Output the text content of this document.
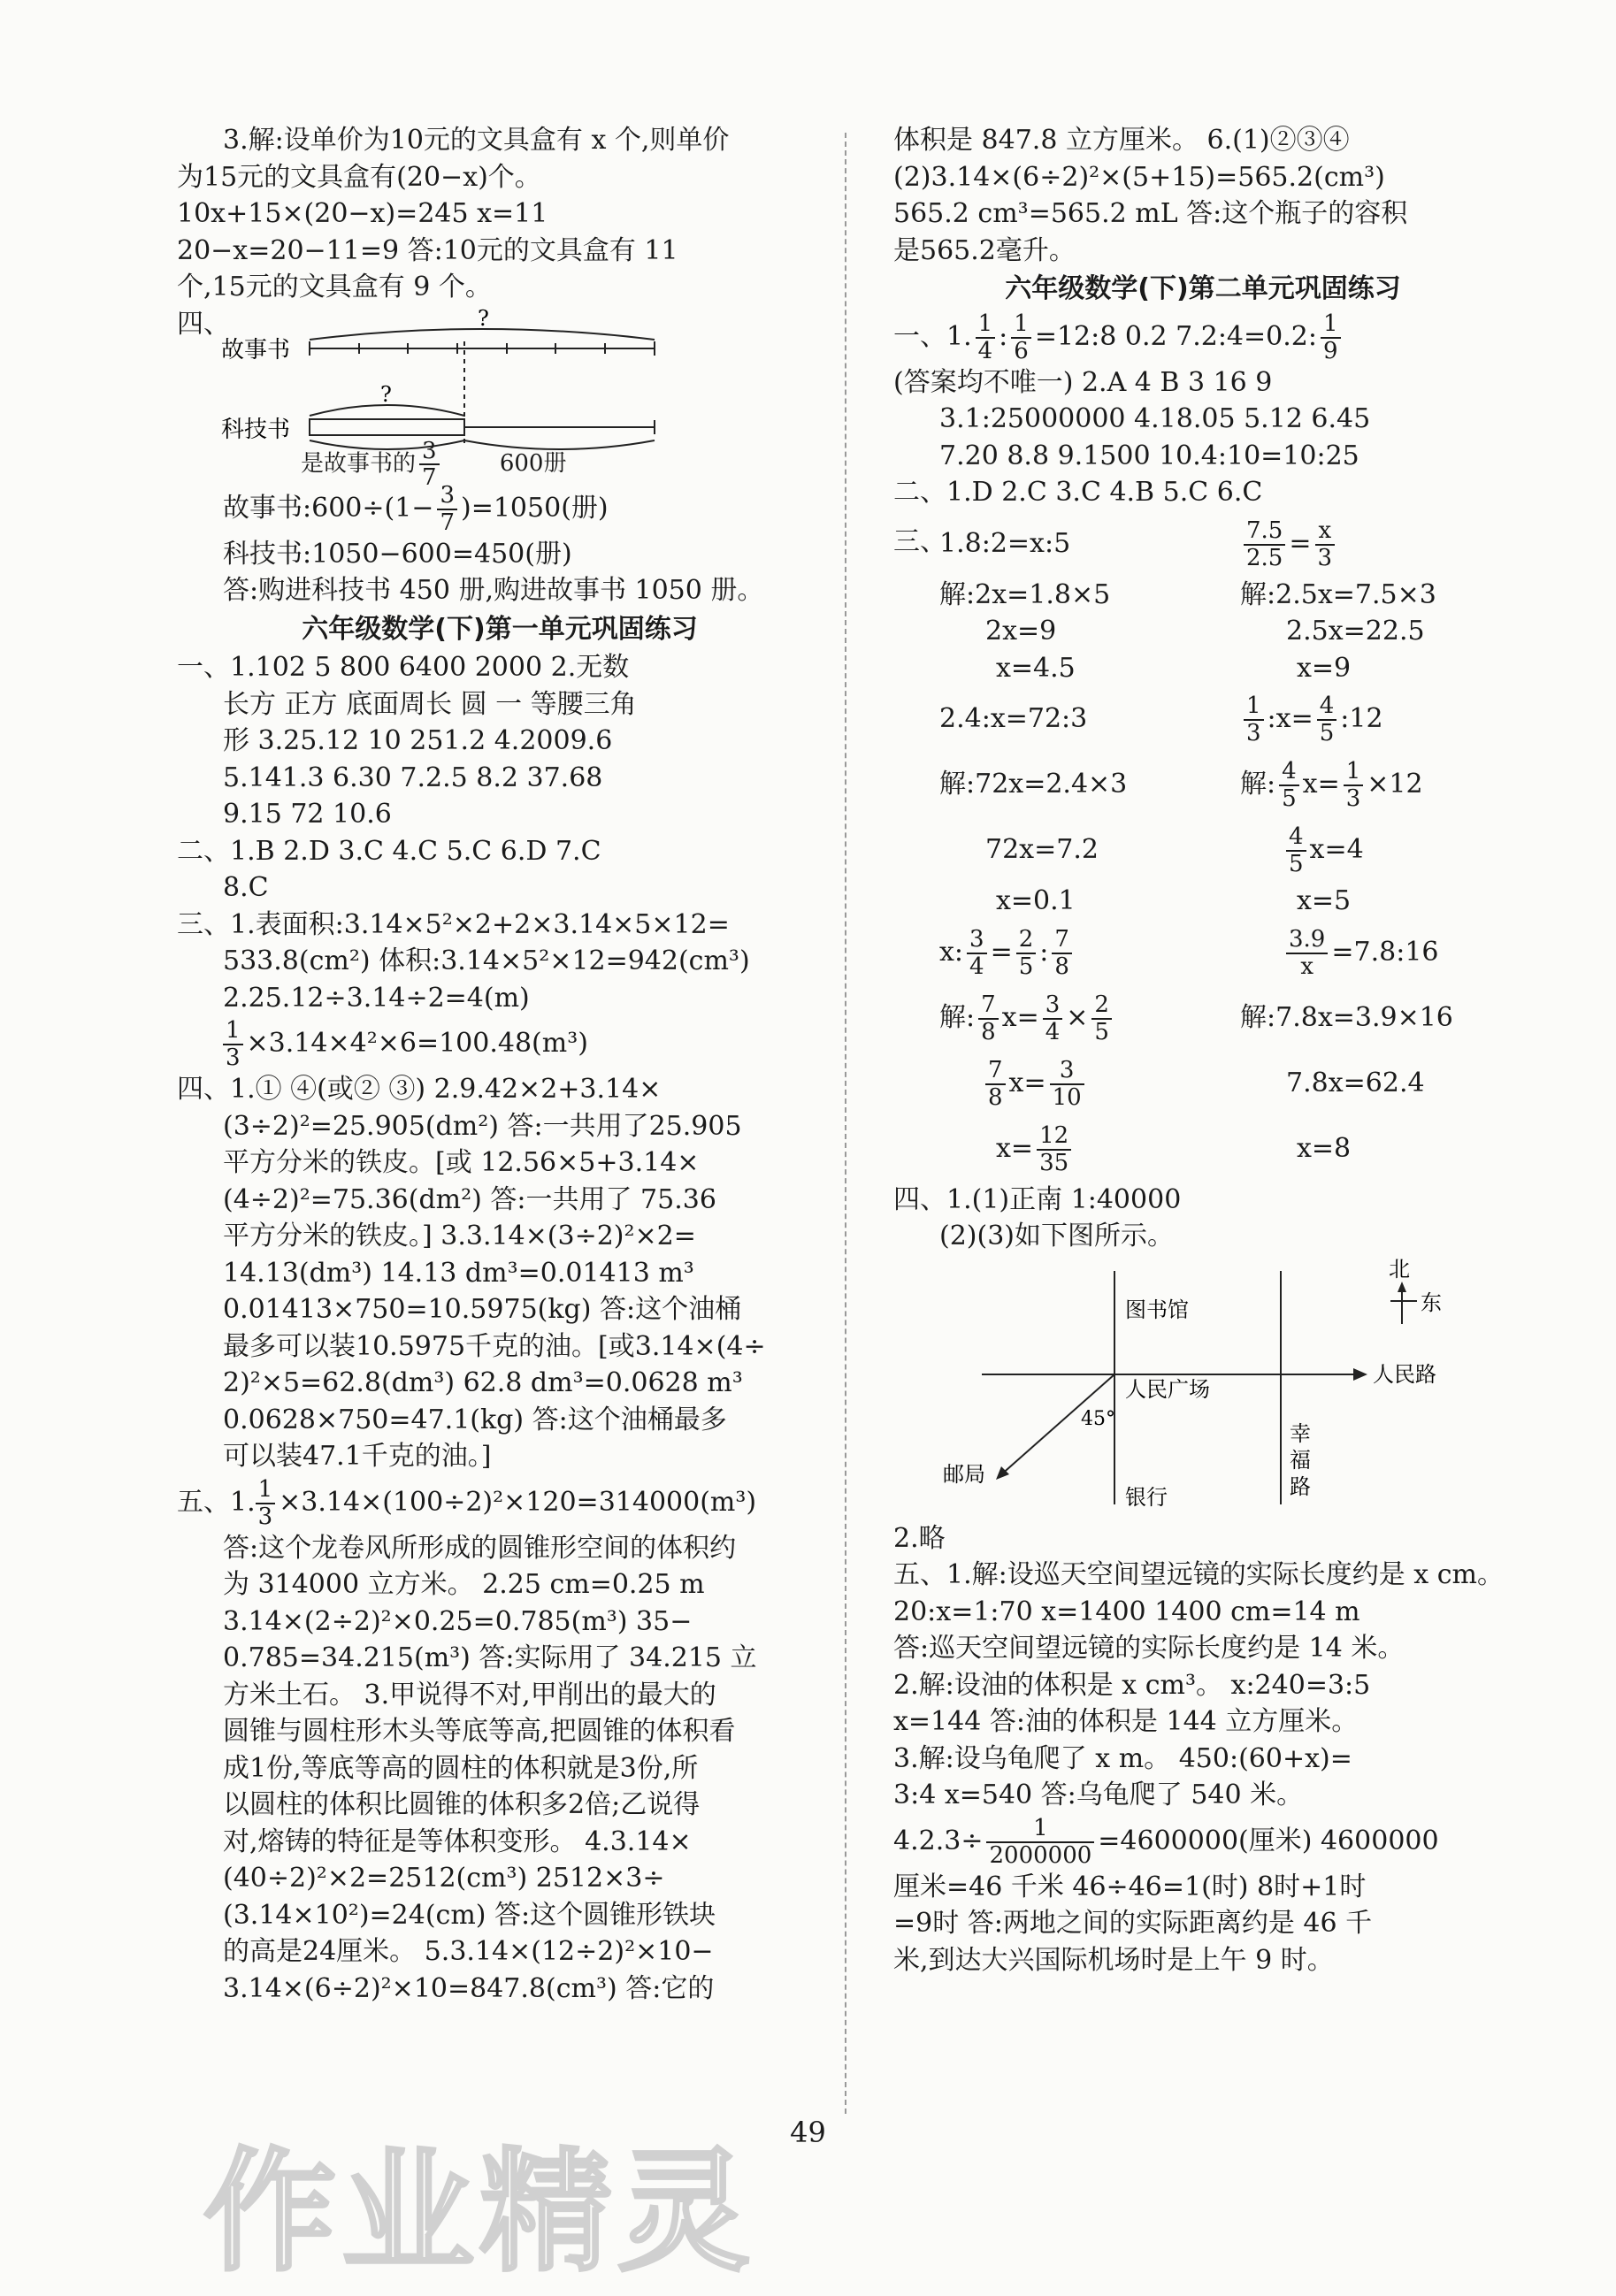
3.解:设单价为10元的文具盒有 x 个,则单价
为15元的文具盒有(20−x)个。
10x+15×(20−x)=245 x=11
20−x=20−11=9 答:10元的文具盒有 11
个,15元的文具盒有 9 个。
四、
故事书
?
科技书
?
是故事书的 $\frac{3}{7}$	600册
故事书:600÷(1− $\frac{3}{7} )=1050$(册)
科技书:1050−600=450(册)
答:购进科技书 450 册,购进故事书 1050 册。
六年级数学(下)第一单元巩固练习
一、1.102 5 800 6400 2000 2.无数
长方 正方 底面周长 圆 一 等腰三角
形 3.25.12 10 251.2 4.2009.6
5.141.3 6.30 7.2.5 8.2 37.68
9.15 72 10.6
二、1.B 2.D 3.C 4.C 5.C 6.D 7.C
8.C
三、1.表面积:3.14×5²×2+2×3.14×5×12=
533.8(cm²) 体积:3.14×5²×12=942(cm³)
2.25.12÷3.14÷2=4(m)
$\frac{1}{3} \times 3.14\times 4^2\times 6=100.48(m^3)$
四、1.① ④(或② ③) 2.9.42×2+3.14×
(3÷2)²=25.905(dm²) 答:一共用了25.905
平方分米的铁皮。[或 12.56×5+3.14×
(4÷2)²=75.36(dm²) 答:一共用了 75.36
平方分米的铁皮。] 3.3.14×(3÷2)²×2=
14.13(dm³) 14.13 dm³=0.01413 m³
0.01413×750=10.5975(kg) 答:这个油桶
最多可以装10.5975千克的油。[或3.14×(4÷
2)²×5=62.8(dm³) 62.8 dm³=0.0628 m³
0.0628×750=47.1(kg) 答:这个油桶最多
可以装47.1千克的油。]
五、1. $\frac{1}{3} \times 3.14\times(100\div 2)^2\times 120=314000(m^3)$
答:这个龙卷风所形成的圆锥形空间的体积约
为 314000 立方米。 2.25 cm=0.25 m
3.14×(2÷2)²×0.25=0.785(m³) 35−
0.785=34.215(m³) 答:实际用了 34.215 立
方米土石。 3.甲说得不对,甲削出的最大的
圆锥与圆柱形木头等底等高,把圆锥的体积看
成1份,等底等高的圆柱的体积就是3份,所
以圆柱的体积比圆锥的体积多2倍;乙说得
对,熔铸的特征是等体积变形。 4.3.14×
(40÷2)²×2=2512(cm³) 2512×3÷
(3.14×10²)=24(cm) 答:这个圆锥形铁块
的高是24厘米。 5.3.14×(12÷2)²×10−
3.14×(6÷2)²×10=847.8(cm³) 答:它的
体积是 847.8 立方厘米。 6.(1)②③④
(2)3.14×(6÷2)²×(5+15)=565.2(cm³)
565.2 cm³=565.2 mL 答:这个瓶子的容积
是565.2毫升。
六年级数学(下)第二单元巩固练习
一、1. $\frac{1}{4}$ : $\frac{1}{6}$ =12:8 0.2 7.2:4=0.2: $\frac{1}{9}$
(答案均不唯一) 2.A 4 B 3 16 9
3.1:25000000 4.18.05 5.12 6.45
7.20 8.8 9.1500 10.4:10=10:25
二、1.D 2.C 3.C 4.B 5.C 6.C
三、
1.8:2=x:5	$\frac{7.5}{2.5} = \frac{x}{3}$
解:2x=1.8×5	解:2.5x=7.5×3
2x=9	2.5x=22.5
x=4.5	x=9
2.4:x=72:3	$\frac{1}{3}$ :x= $\frac{4}{5}$ :12
解:72x=2.4×3	解: $\frac{4}{5} x= \frac{1}{3} \times 12$
72x=7.2	$\frac{4}{5} x=4$
x=0.1	x=5
x: $\frac{3}{4} = \frac{2}{5}$ : $\frac{7}{8}$	$\frac{3.9}{x}$ =7.8:16
解: $\frac{7}{8} x= \frac{3}{4} \times \frac{2}{5}$	解:7.8x=3.9×16
$\frac{7}{8} x= \frac{3}{10}$	7.8x=62.4
$x= \frac{12}{35}$	x=8
四、1.(1)正南 1:40000
(2)(3)如下图所示。
北
东
图书馆
人民路
人民广场
45°
邮局
银行
幸
福
路
2.略
五、1.解:设巡天空间望远镜的实际长度约是 x cm。
20:x=1:70 x=1400 1400 cm=14 m
答:巡天空间望远镜的实际长度约是 14 米。
2.解:设油的体积是 x cm³。 x:240=3:5
x=144 答:油的体积是 144 立方厘米。
3.解:设乌龟爬了 x m。 450:(60+x)=
3:4 x=540 答:乌龟爬了 540 米。
$4.2.3\div \frac{1}{2000000} =4600000$(厘米) 4600000
厘米=46 千米 46÷46=1(时) 8时+1时
=9时 答:两地之间的实际距离约是 46 千
米,到达大兴国际机场时是上午 9 时。
49
作业精灵
